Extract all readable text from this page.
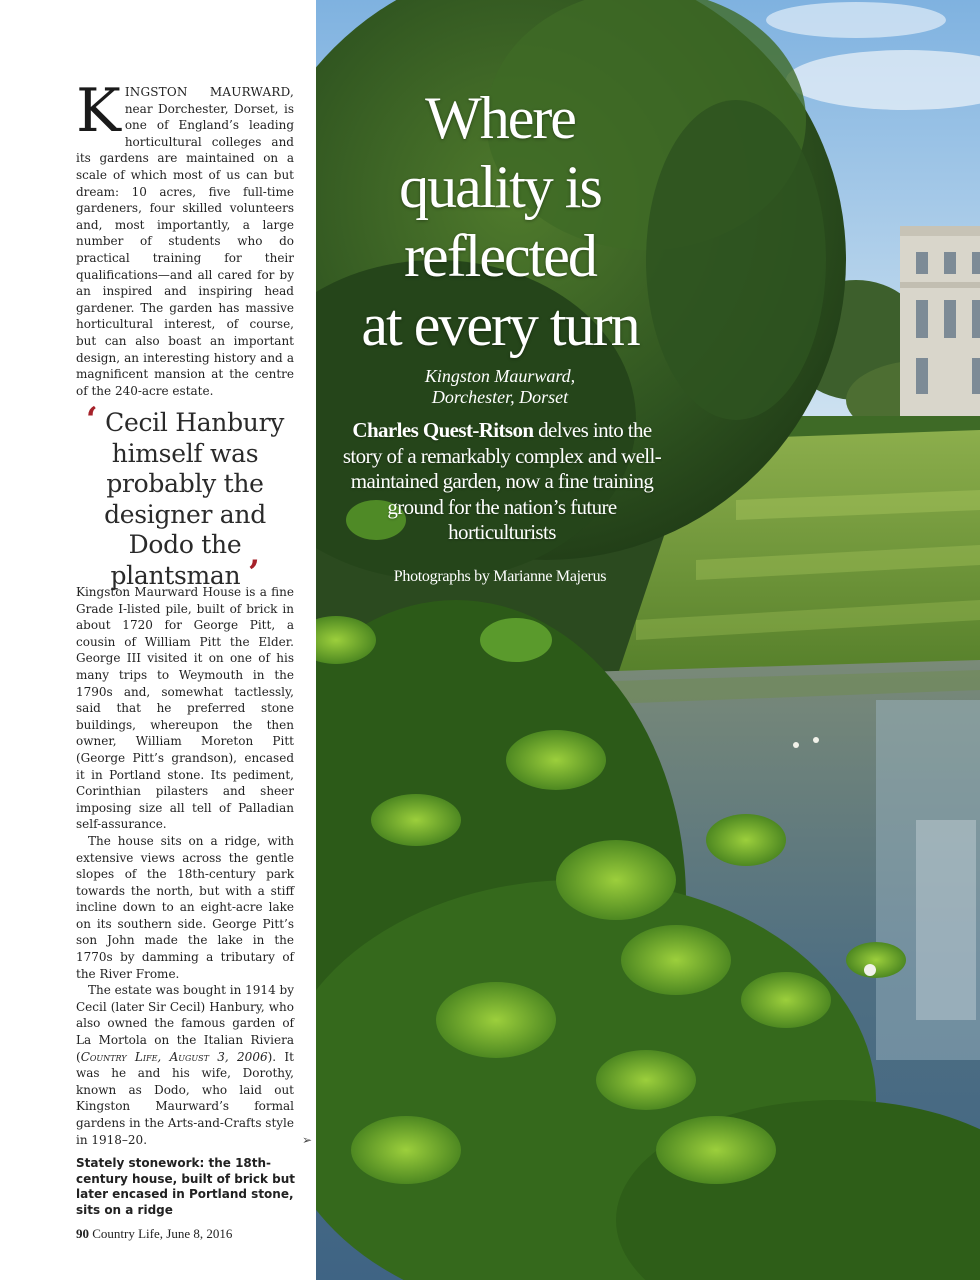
KINGSTON MAURWARD, near Dorchester, Dorset, is one of England’s leading horticultural colleges and its gardens are maintained on a scale of which most of us can but dream: 10 acres, five full-time gardeners, four skilled volunteers and, most importantly, a large number of students who do practical training for their qualifications—and all cared for by an inspired and inspiring head gardener. The garden has massive horticultural interest, of course, but can also boast an important design, an interesting history and a magnificent mansion at the centre of the 240-acre estate.

‘ Cecil Hanbury himself was probably the designer and Dodo the plantsman ’

Kingston Maurward House is a fine Grade I-listed pile, built of brick in about 1720 for George Pitt, a cousin of William Pitt the Elder. George III visited it on one of his many trips to Weymouth in the 1790s and, somewhat tactlessly, said that he preferred stone buildings, whereupon the then owner, William Moreton Pitt (George Pitt’s grandson), encased it in Portland stone. Its pediment, Corinthian pilasters and sheer imposing size all tell of Palladian self-assurance.

The house sits on a ridge, with extensive views across the gentle slopes of the 18th-century park towards the north, but with a stiff incline down to an eight-acre lake on its southern side. George Pitt’s son John made the lake in the 1770s by damming a tributary of the River Frome.

The estate was bought in 1914 by Cecil (later Sir Cecil) Hanbury, who also owned the famous garden of La Mortola on the Italian Riviera (Country Life, August 3, 2006). It was he and his wife, Dorothy, known as Dodo, who laid out Kingston Maurward’s formal gardens in the Arts-and-Crafts style in 1918–20.	➢

Stately stonework: the 18th-century house, built of brick but later encased in Portland stone, sits on a ridge
90 Country Life, June 8, 2016
Where
quality is
reflected
at every turn
Kingston Maurward,
Dorchester, Dorset
Charles Quest-Ritson delves into the story of a remarkably complex and well-maintained garden, now a fine training ground for the nation’s future horticulturists
Photographs by Marianne Majerus
